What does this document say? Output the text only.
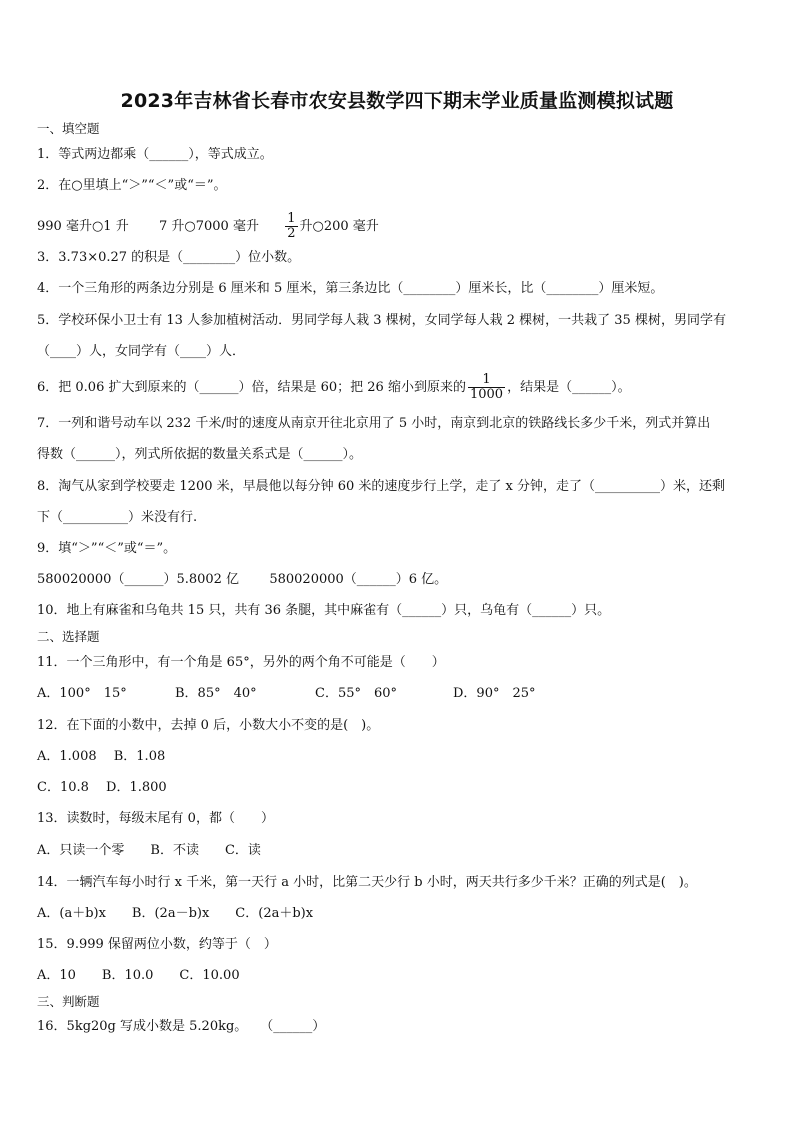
2023年吉林省长春市农安县数学四下期末学业质量监测模拟试题
一、填空题
1．等式两边都乘（______），等式成立。
2．在○里填上“＞”“＜”或“＝”。
990 毫升○1 升 7 升○7000 毫升 $\frac{1}{2}$ 升○200 毫升
3．3.73×0.27 的积是（________）位小数。
4．一个三角形的两条边分别是 6 厘米和 5 厘米，第三条边比（________）厘米长，比（________）厘米短。
5．学校环保小卫士有 13 人参加植树活动．男同学每人栽 3 棵树，女同学每人栽 2 棵树，一共栽了 35 棵树，男同学有
（____）人，女同学有（____）人．
6．把 0.06 扩大到原来的（______）倍，结果是 60；把 26 缩小到原来的 $\frac{1}{1000}$ ，结果是（______）。
7．一列和谐号动车以 232 千米/时的速度从南京开往北京用了 5 小时，南京到北京的铁路线长多少千米，列式并算出
得数（______），列式所依据的数量关系式是（______）。
8．淘气从家到学校要走 1200 米，早晨他以每分钟 60 米的速度步行上学，走了 x 分钟，走了（__________）米，还剩
下（__________）米没有行.
9．填“＞”“＜”或“＝”。
580020000（______）5.8002 亿 580020000（______）6 亿。
10．地上有麻雀和乌龟共 15 只，共有 36 条腿，其中麻雀有（______）只，乌龟有（______）只。
二、选择题
11．一个三角形中，有一个角是 65°，另外的两个角不可能是（　　）
A．100°　15°	B．85°　40°	C．55°　60°	D．90°　25°
12．在下面的小数中，去掉 0 后，小数大小不变的是(　)。
A．1.008　 B．1.08
C．10.8　 D．1.800
13．读数时，每级末尾有 0，都（　　）
A．只读一个零　　B．不读　　C．读
14．一辆汽车每小时行 x 千米，第一天行 a 小时，比第二天少行 b 小时，两天共行多少千米？正确的列式是(　)。
A．(a＋b)x　　B．(2a－b)x　　C．(2a＋b)x
15．9.999 保留两位小数，约等于（　）
A．10　　B．10.0　　C．10.00
三、判断题
16．5kg20g 写成小数是 5.20kg。　　（______）
